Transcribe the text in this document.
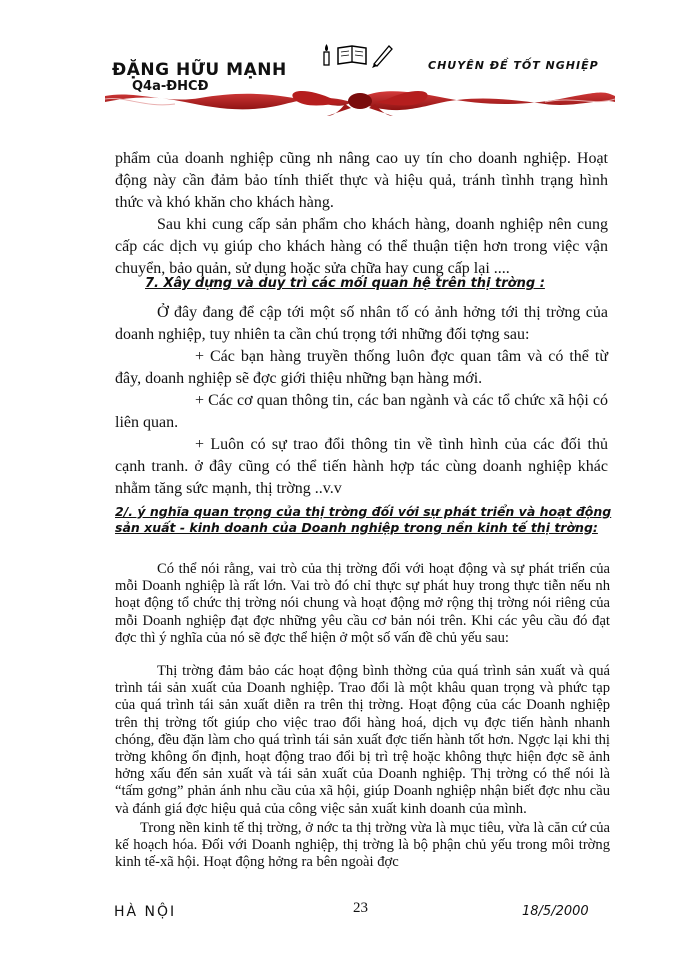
ĐẶNG HỮU MẠNH
Q4a-ĐHCĐ
CHUYÊN ĐỀ TỐT NGHIỆP
phẩm của doanh nghiệp cũng nh nâng cao uy tín cho doanh nghiệp. Hoạt động này cần đảm bảo tính thiết thực và hiệu quả, tránh tìnhh trạng hình thức và khó khăn cho khách hàng.
Sau khi cung cấp sản phẩm cho khách hàng, doanh nghiệp nên cung cấp các dịch vụ giúp cho khách hàng có thể thuận tiện hơn trong việc vận chuyển, bảo quản, sử dụng hoặc sửa chữa hay cung cấp lại ....
7. Xây dựng và duy trì các mối quan hệ trên thị trờng :
Ở đây đang để cập tới một số nhân tố có ảnh hởng tới thị trờng của doanh nghiệp, tuy nhiên ta cần chú trọng tới những đối tợng sau:
+ Các bạn hàng truyền thống luôn đợc quan tâm và có thể từ đây, doanh nghiệp sẽ đợc giới thiệu những bạn hàng mới.
+ Các cơ quan thông tin, các ban ngành và các tổ chức xã hội có liên quan.
+ Luôn có sự trao đổi thông tin về tình hình của các đối thủ cạnh tranh. ở đây cũng có thể tiến hành hợp tác cùng doanh nghiệp khác nhằm tăng sức mạnh, thị trờng ..v.v
2/. ý nghĩa quan trọng của thị trờng đối với sự phát triển và hoạt động sản xuất - kinh doanh của Doanh nghiệp trong nền kinh tế thị trờng:
Có thể nói rằng, vai trò của thị trờng đối với hoạt động và sự phát triển của mỗi Doanh nghiệp là rất lớn. Vai trò đó chỉ thực sự phát huy trong thực tiễn nếu nh hoạt động tổ chức thị trờng nói chung và hoạt động mở rộng thị trờng nói riêng của mỗi Doanh nghiệp đạt đợc những yêu cầu cơ bản nói trên. Khi các yêu cầu đó đạt đợc thì ý nghĩa của nó sẽ đợc thể hiện ở một số vấn đề chủ yếu sau:
Thị trờng đảm bảo các hoạt động bình thờng của quá trình sản xuất và quá trình tái sản xuất của Doanh nghiệp. Trao đổi là một khâu quan trọng và phức tạp của quá trình tái sản xuất diễn ra trên thị trờng. Hoạt động của các Doanh nghiệp trên thị trờng tốt giúp cho việc trao đổi hàng hoá, dịch vụ đợc tiến hành nhanh chóng, đều đặn làm cho quá trình tái sản xuất đợc tiến hành tốt hơn. Ngợc lại khi thị trờng không ổn định, hoạt động trao đổi bị trì trệ hoặc không thực hiện đợc sẽ ảnh hởng xấu đến sản xuất và tái sản xuất của Doanh nghiệp. Thị trờng có thể nói là “tấm gơng” phản ánh nhu cầu của xã hội, giúp Doanh nghiệp nhận biết đợc nhu cầu và đánh giá đợc hiệu quả của công việc sản xuất kinh doanh của mình.
Trong nền kinh tế thị trờng, ở nớc ta thị trờng vừa là mục tiêu, vừa là căn cứ của kế hoạch hóa. Đối với Doanh nghiệp, thị trờng là bộ phận chủ yếu trong môi trờng kinh tế-xã hội. Hoạt động hởng ra bên ngoài đợc
HÀ NỘI	23	18/5/2000
